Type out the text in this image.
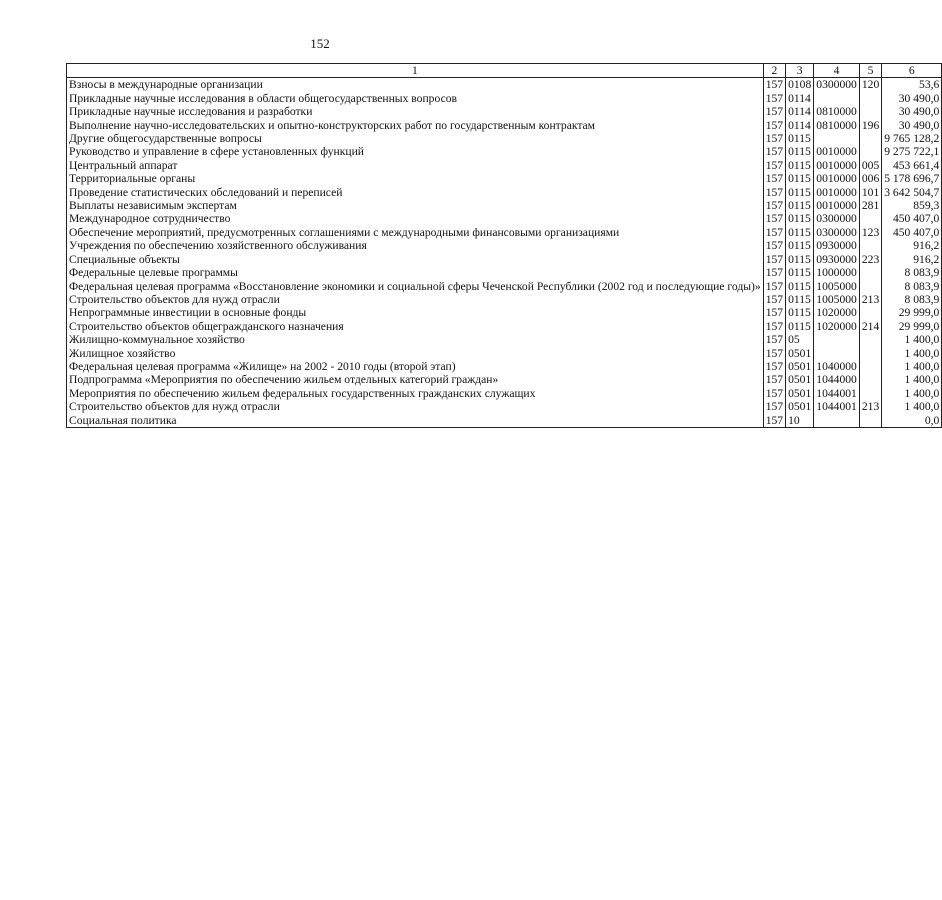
152
1	2	3	4	5	6
Взносы в международные организации	157	0108	0300000	120	53,6
Прикладные научные исследования в области общегосударственных вопросов	157	0114			30 490,0
Прикладные научные исследования и разработки	157	0114	0810000		30 490,0
Выполнение научно-исследовательских и опытно-конструкторских работ по государственным контрактам	157	0114	0810000	196	30 490,0
Другие общегосударственные вопросы	157	0115			9 765 128,2
Руководство и управление в сфере установленных функций	157	0115	0010000		9 275 722,1
Центральный аппарат	157	0115	0010000	005	453 661,4
Территориальные органы	157	0115	0010000	006	5 178 696,7
Проведение статистических обследований и переписей	157	0115	0010000	101	3 642 504,7
Выплаты независимым экспертам	157	0115	0010000	281	859,3
Международное сотрудничество	157	0115	0300000		450 407,0
Обеспечение мероприятий, предусмотренных соглашениями с международными финансовыми организациями	157	0115	0300000	123	450 407,0
Учреждения по обеспечению хозяйственного обслуживания	157	0115	0930000		916,2
Специальные объекты	157	0115	0930000	223	916,2
Федеральные целевые программы	157	0115	1000000		8 083,9
Федеральная целевая программа «Восстановление экономики и социальной сферы Чеченской Республики (2002 год и последующие годы)»	157	0115	1005000		8 083,9
Строительство объектов для нужд отрасли	157	0115	1005000	213	8 083,9
Непрограммные инвестиции в основные фонды	157	0115	1020000		29 999,0
Строительство объектов общегражданского назначения	157	0115	1020000	214	29 999,0
Жилищно-коммунальное хозяйство	157	05			1 400,0
Жилищное хозяйство	157	0501			1 400,0
Федеральная целевая программа «Жилище» на 2002 - 2010 годы (второй этап)	157	0501	1040000		1 400,0
Подпрограмма «Мероприятия по обеспечению жильем отдельных категорий граждан»	157	0501	1044000		1 400,0
Мероприятия по обеспечению жильем федеральных государственных гражданских служащих	157	0501	1044001		1 400,0
Строительство объектов для нужд отрасли	157	0501	1044001	213	1 400,0
Социальная политика	157	10			0,0
